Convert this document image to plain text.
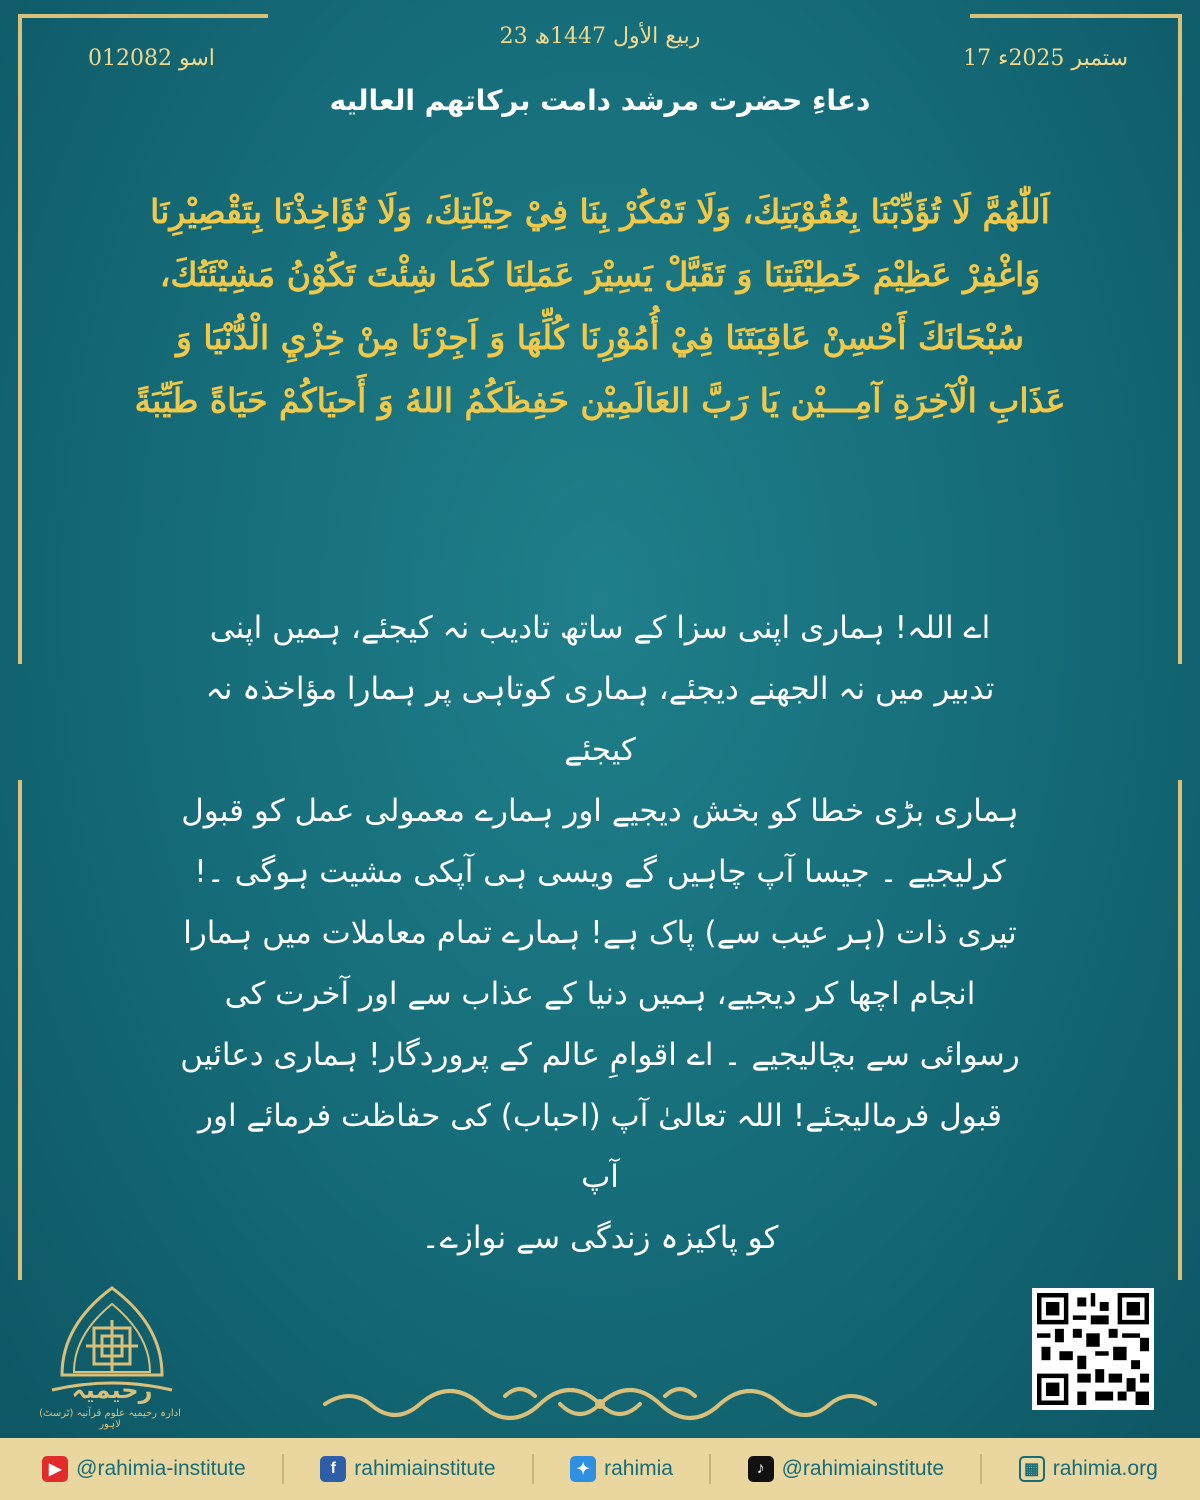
23 ربیع الأول 1447ھ
17 ستمبر 2025ء
01اسو 2082
دعاءِ حضرت مرشد دامت برکاتهم العاليه
اَللّٰهُمَّ لَا تُؤَدِّبْنَا بِعُقُوْبَتِكَ، وَلَا تَمْكُرْ بِنَا فِيْ حِيْلَتِكَ، وَلَا تُؤَاخِذْنَا بِتَقْصِيْرِنَا
وَاغْفِرْ عَظِيْمَ خَطِيْئَتِنَا وَ تَقَبَّلْ يَسِيْرَ عَمَلِنَا كَمَا شِئْتَ تَكُوْنُ مَشِيْئَتُكَ،
سُبْحَانَكَ أَحْسِنْ عَاقِبَتَنَا فِيْ أُمُوْرِنَا كُلِّهَا وَ اَجِرْنَا مِنْ خِزْيِ الْدُّنْيَا وَ
عَذَابِ الْآخِرَةِ آمِـــيْن يَا رَبَّ العَالَمِيْن حَفِظَكُمُ اللهُ وَ أَحيَاكُمْ حَيَاةً طَيِّبَةً
اے اللہ! ہماری اپنی سزا کے ساتھ تادیب نہ کیجئے، ہمیں اپنی
تدبیر میں نہ الجھنے دیجئے، ہماری کوتاہی پر ہمارا مؤاخذہ نہ کیجئے
ہماری بڑی خطا کو بخش دیجیے اور ہمارے معمولی عمل کو قبول
کرلیجیے ۔ جیسا آپ چاہیں گے ویسی ہی آپکی مشیت ہوگی ۔!
تیری ذات (ہر عیب سے) پاک ہے! ہمارے تمام معاملات میں ہمارا
انجام اچھا کر دیجیے، ہمیں دنیا کے عذاب سے اور آخرت کی
رسوائی سے بچالیجیے ۔ اے اقوامِ عالم کے پروردگار! ہماری دعائیں
قبول فرمالیجئے! اللہ تعالیٰ آپ (احباب) کی حفاظت فرمائے اور آپ
کو پاکیزہ زندگی سے نوازے۔
رحیمیہ
ادارہ رحیمیہ علوم قرآنیہ (ٹرسٹ) لاہور
▶ @rahimia-institute	f rahimiainstitute	✦ rahimia	♪ @rahimiainstitute	▦ rahimia.org
